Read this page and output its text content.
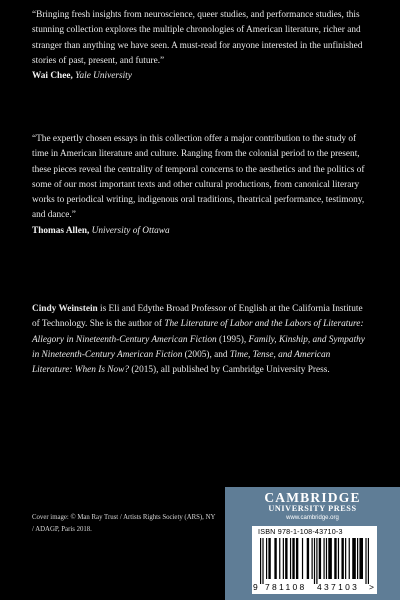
“Bringing fresh insights from neuroscience, queer studies, and performance studies, this stunning collection explores the multiple chronologies of American literature, richer and stranger than anything we have seen. A must-read for anyone interested in the unfinished stories of past, present, and future.”
Wai Chee, Yale University
“The expertly chosen essays in this collection offer a major contribution to the study of time in American literature and culture. Ranging from the colonial period to the present, these pieces reveal the centrality of temporal concerns to the aesthetics and the politics of some of our most important texts and other cultural productions, from canonical literary works to periodical writing, indigenous oral traditions, theatrical performance, testimony, and dance.”
Thomas Allen, University of Ottawa
Cindy Weinstein is Eli and Edythe Broad Professor of English at the California Institute of Technology. She is the author of The Literature of Labor and the Labors of Literature: Allegory in Nineteenth-Century American Fiction (1995), Family, Kinship, and Sympathy in Nineteenth-Century American Fiction (2005), and Time, Tense, and American Literature: When Is Now? (2015), all published by Cambridge University Press.
Cover image: © Man Ray Trust / Artists Rights Society (ARS), NY / ADAGP, Paris 2018.
CAMBRIDGE
UNIVERSITY PRESS
www.cambridge.org
ISBN 978-1-108-43710-3
9 781108 437103 >
